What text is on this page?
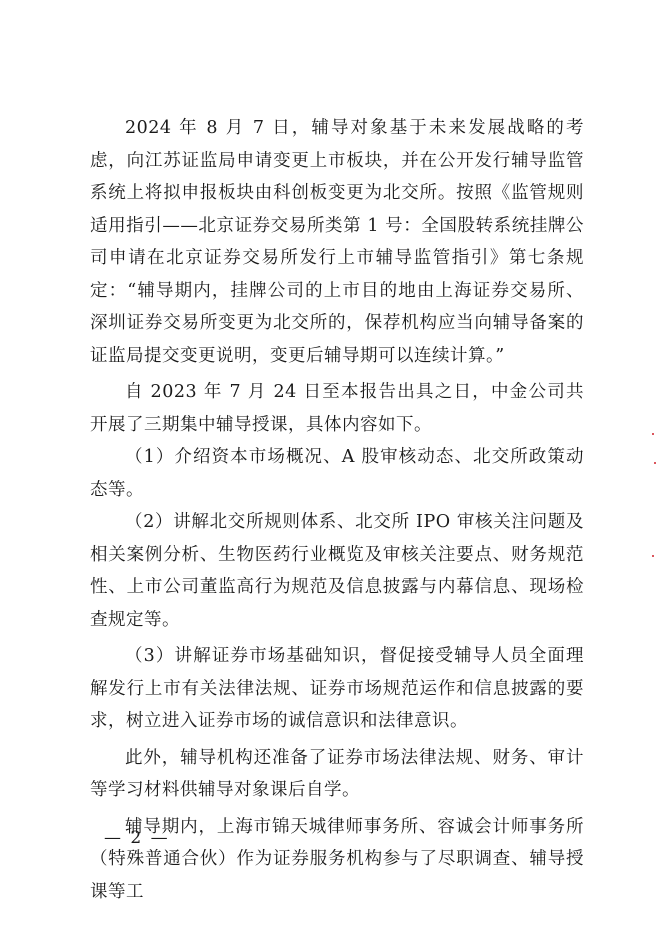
2024 年 8 月 7 日，辅导对象基于未来发展战略的考虑，向江苏证监局申请变更上市板块，并在公开发行辅导监管系统上将拟申报板块由科创板变更为北交所。按照《监管规则适用指引——北京证券交易所类第 1 号：全国股转系统挂牌公司申请在北京证券交易所发行上市辅导监管指引》第七条规定：“辅导期内，挂牌公司的上市目的地由上海证券交易所、深圳证券交易所变更为北交所的，保荐机构应当向辅导备案的证监局提交变更说明，变更后辅导期可以连续计算。”

自 2023 年 7 月 24 日至本报告出具之日，中金公司共开展了三期集中辅导授课，具体内容如下。

（1）介绍资本市场概况、A 股审核动态、北交所政策动态等。

（2）讲解北交所规则体系、北交所 IPO 审核关注问题及相关案例分析、生物医药行业概览及审核关注要点、财务规范性、上市公司董监高行为规范及信息披露与内幕信息、现场检查规定等。

（3）讲解证券市场基础知识，督促接受辅导人员全面理解发行上市有关法律法规、证券市场规范运作和信息披露的要求，树立进入证券市场的诚信意识和法律意识。

此外，辅导机构还准备了证券市场法律法规、财务、审计等学习材料供辅导对象课后自学。

辅导期内，上海市锦天城律师事务所、容诚会计师事务所（特殊普通合伙）作为证券服务机构参与了尽职调查、辅导授课等工

— 2 —
